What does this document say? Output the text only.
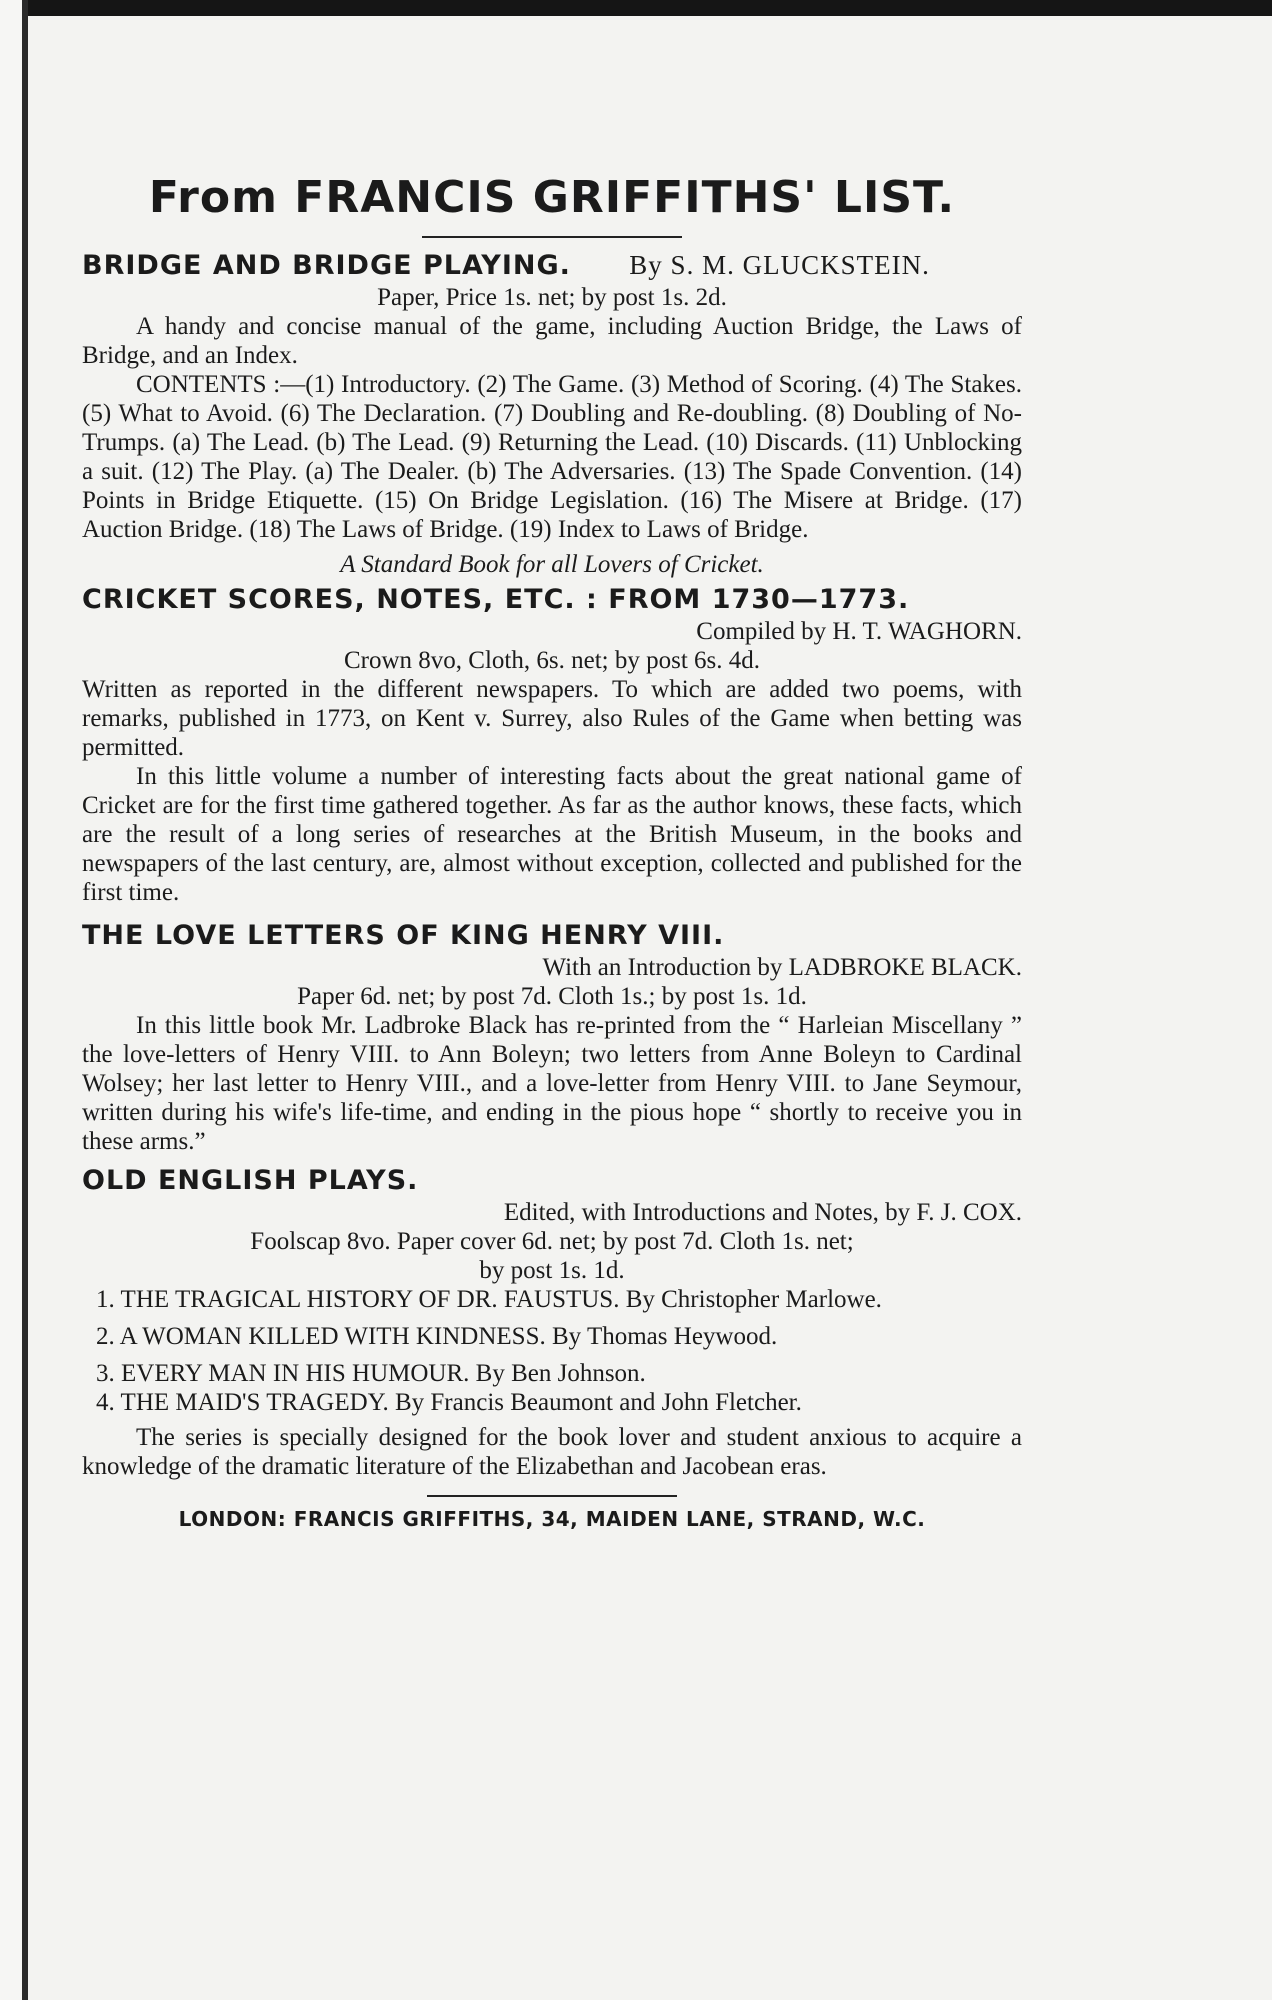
From FRANCIS GRIFFITHS' LIST.

BRIDGE AND BRIDGE PLAYING. By S. M. GLUCKSTEIN.

Paper, Price 1s. net; by post 1s. 2d.

A handy and concise manual of the game, including Auction Bridge, the Laws of Bridge, and an Index.

CONTENTS :—(1) Introductory. (2) The Game. (3) Method of Scoring. (4) The Stakes. (5) What to Avoid. (6) The Declaration. (7) Doubling and Re-doubling. (8) Doubling of No-Trumps. (a) The Lead. (b) The Lead. (9) Returning the Lead. (10) Discards. (11) Unblocking a suit. (12) The Play. (a) The Dealer. (b) The Adversaries. (13) The Spade Convention. (14) Points in Bridge Etiquette. (15) On Bridge Legislation. (16) The Misere at Bridge. (17) Auction Bridge. (18) The Laws of Bridge. (19) Index to Laws of Bridge.

A Standard Book for all Lovers of Cricket.

CRICKET SCORES, NOTES, ETC. : FROM 1730—1773.

Compiled by H. T. WAGHORN.

Crown 8vo, Cloth, 6s. net; by post 6s. 4d.

Written as reported in the different newspapers. To which are added two poems, with remarks, published in 1773, on Kent v. Surrey, also Rules of the Game when betting was permitted.

In this little volume a number of interesting facts about the great national game of Cricket are for the first time gathered together. As far as the author knows, these facts, which are the result of a long series of researches at the British Museum, in the books and newspapers of the last century, are, almost without exception, collected and published for the first time.

THE LOVE LETTERS OF KING HENRY VIII.

With an Introduction by LADBROKE BLACK.

Paper 6d. net; by post 7d. Cloth 1s.; by post 1s. 1d.

In this little book Mr. Ladbroke Black has re-printed from the “ Harleian Miscellany ” the love-letters of Henry VIII. to Ann Boleyn; two letters from Anne Boleyn to Cardinal Wolsey; her last letter to Henry VIII., and a love-letter from Henry VIII. to Jane Seymour, written during his wife's life-time, and ending in the pious hope “ shortly to receive you in these arms.”

OLD ENGLISH PLAYS.

Edited, with Introductions and Notes, by F. J. COX.

Foolscap 8vo. Paper cover 6d. net; by post 7d. Cloth 1s. net;

by post 1s. 1d.

1. THE TRAGICAL HISTORY OF DR. FAUSTUS. By Christopher Marlowe.

2. A WOMAN KILLED WITH KINDNESS. By Thomas Heywood.

3. EVERY MAN IN HIS HUMOUR. By Ben Johnson.

4. THE MAID'S TRAGEDY. By Francis Beaumont and John Fletcher.

The series is specially designed for the book lover and student anxious to acquire a knowledge of the dramatic literature of the Elizabethan and Jacobean eras.

LONDON: FRANCIS GRIFFITHS, 34, MAIDEN LANE, STRAND, W.C.
